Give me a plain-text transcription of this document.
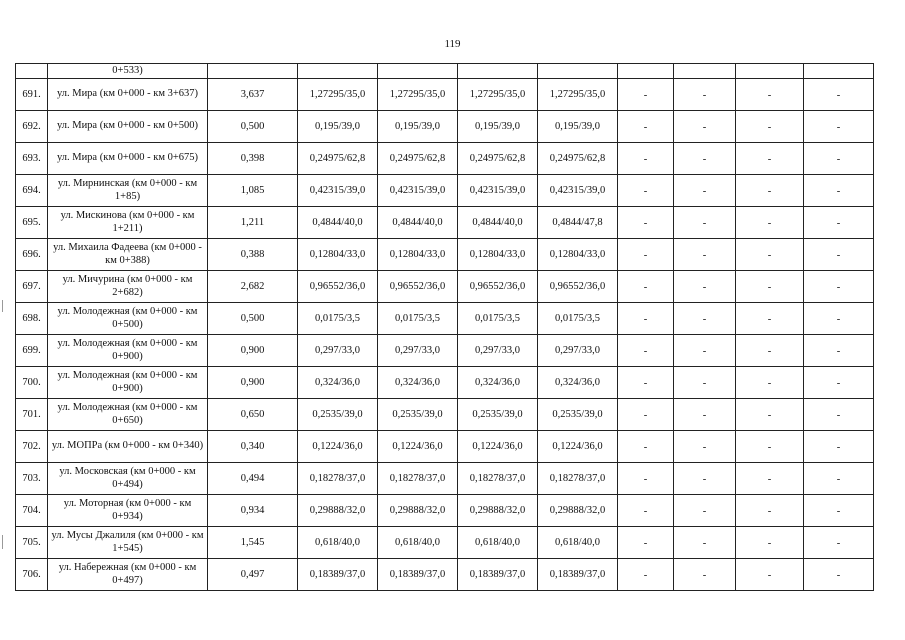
119
	0+533)									
691.	ул. Мира (км 0+000 - км 3+637)	3,637	1,27295/35,0	1,27295/35,0	1,27295/35,0	1,27295/35,0	-	-	-	-
692.	ул. Мира (км 0+000 - км 0+500)	0,500	0,195/39,0	0,195/39,0	0,195/39,0	0,195/39,0	-	-	-	-
693.	ул. Мира (км 0+000 - км 0+675)	0,398	0,24975/62,8	0,24975/62,8	0,24975/62,8	0,24975/62,8	-	-	-	-
694.	ул. Мирнинская (км 0+000 - км 1+85)	1,085	0,42315/39,0	0,42315/39,0	0,42315/39,0	0,42315/39,0	-	-	-	-
695.	ул. Мискинова (км 0+000 - км 1+211)	1,211	0,4844/40,0	0,4844/40,0	0,4844/40,0	0,4844/47,8	-	-	-	-
696.	ул. Михаила Фадеева (км 0+000 - км 0+388)	0,388	0,12804/33,0	0,12804/33,0	0,12804/33,0	0,12804/33,0	-	-	-	-
697.	ул. Мичурина (км 0+000 - км 2+682)	2,682	0,96552/36,0	0,96552/36,0	0,96552/36,0	0,96552/36,0	-	-	-	-
698.	ул. Молодежная (км 0+000 - км 0+500)	0,500	0,0175/3,5	0,0175/3,5	0,0175/3,5	0,0175/3,5	-	-	-	-
699.	ул. Молодежная (км 0+000 - км 0+900)	0,900	0,297/33,0	0,297/33,0	0,297/33,0	0,297/33,0	-	-	-	-
700.	ул. Молодежная (км 0+000 - км 0+900)	0,900	0,324/36,0	0,324/36,0	0,324/36,0	0,324/36,0	-	-	-	-
701.	ул. Молодежная (км 0+000 - км 0+650)	0,650	0,2535/39,0	0,2535/39,0	0,2535/39,0	0,2535/39,0	-	-	-	-
702.	ул. МОПРа (км 0+000 - км 0+340)	0,340	0,1224/36,0	0,1224/36,0	0,1224/36,0	0,1224/36,0	-	-	-	-
703.	ул. Московская (км 0+000 - км 0+494)	0,494	0,18278/37,0	0,18278/37,0	0,18278/37,0	0,18278/37,0	-	-	-	-
704.	ул. Моторная (км 0+000 - км 0+934)	0,934	0,29888/32,0	0,29888/32,0	0,29888/32,0	0,29888/32,0	-	-	-	-
705.	ул. Мусы Джалиля (км 0+000 - км 1+545)	1,545	0,618/40,0	0,618/40,0	0,618/40,0	0,618/40,0	-	-	-	-
706.	ул. Набережная (км 0+000 - км 0+497)	0,497	0,18389/37,0	0,18389/37,0	0,18389/37,0	0,18389/37,0	-	-	-	-
